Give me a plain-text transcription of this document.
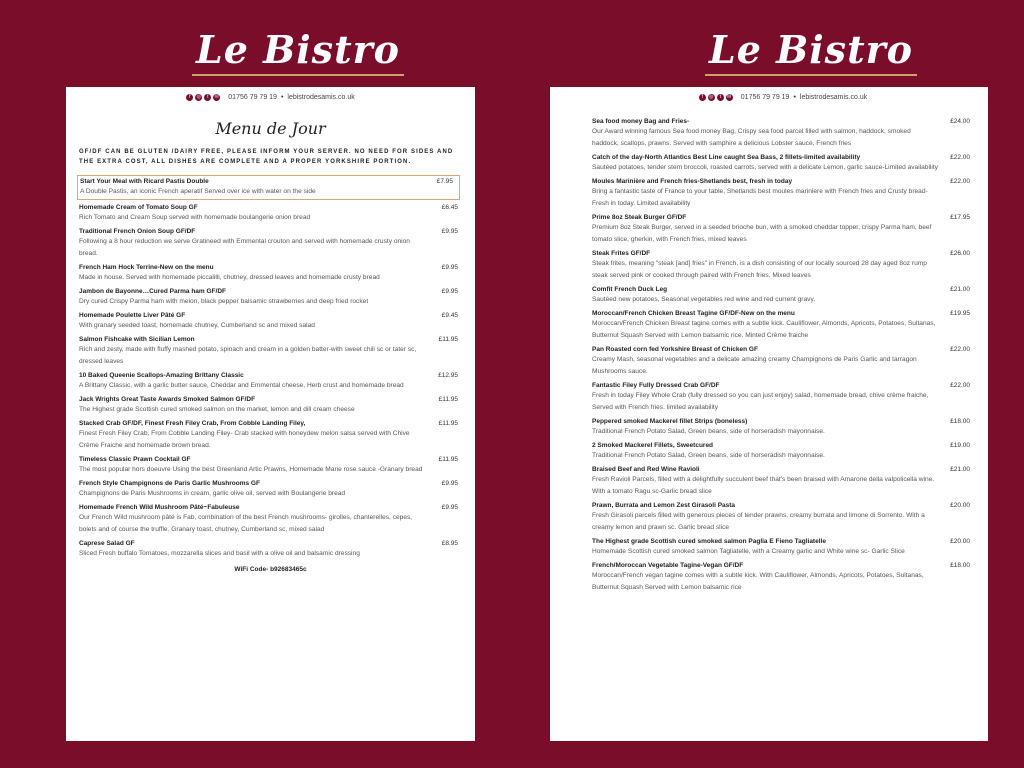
Le Bistro	Le Bistro
f	◎	t	✉ 01756 79 79 19 • lebistrodesamis.co.uk
Menu de Jour
GF/DF CAN BE GLUTEN /DAIRY FREE, PLEASE INFORM YOUR SERVER. NO NEED FOR SIDES AND THE EXTRA COST, ALL DISHES ARE COMPLETE AND A PROPER YORKSHIRE PORTION.
Start Your Meal with Ricard Pastis Double	£7.95
A Double Pastis, an iconic French aperatif Served over ice with water on the side
Homemade Cream of Tomato Soup GF	£6.45
Rich Tomato and Cream Soup served with homemade boulangerie onion bread
Traditional French Onion Soup GF/DF	£9.95
Following a 8 hour reduction we serve Gratineed with Emmental crouton and served with homemade crusty onion bread.
French Ham Hock Terrine-New on the menu	£9.95
Made in house. Served with homemade piccalilli, chutney, dressed leaves and homemade crusty bread
Jambon de Bayonne…Cured Parma ham GF/DF	£9.95
Dry cured Crispy Parma ham with melon, black pepper balsamic strawberries and deep fried rocket
Homemade Poulette Liver Pâté GF	£9.45
With granary seeded toast, homemade chutney, Cumberland sc and mixed salad
Salmon Fishcake with Sicilian Lemon	£11.95
Rich and zesty, made with fluffy mashed potato, spinach and cream in a golden batter-with sweet chili sc or tater sc, dressed leaves
10 Baked Queenie Scallops-Amazing Brittany Classic	£12.95
A Brittany Classic, with a garlic butter sauce, Cheddar and Emmental cheese, Herb crust and homemade bread
Jack Wrights Great Taste Awards Smoked Salmon GF/DF	£11.95
The Highest grade Scottish cured smoked salmon on the market, lemon and dill cream cheese
Stacked Crab GF/DF, Finest Fresh Filey Crab, From Cobble Landing Filey,	£11.95
Finest Fresh Filey Crab, From Cobble Landing Filey- Crab stacked with honeydew melon salsa served with Chive Crème Fraiche and homemade brown bread.
Timeless Classic Prawn Cocktail GF	£11.95
The most popular hors doeuvre Using the best Greenland Artic Prawns, Homemade Marie rose sauce -Granary bread
French Style Champignons de Paris Garlic Mushrooms GF	£9.95
Champignons de Paris Mushrooms in cream, garlic olive oil, served with Boulangerie bread
Homemade French Wild Mushroom Pâté~Fabuleuse	£9.95
Our French Wild mushroom pâté is Fab, combination of the best French mushrooms- girolles, chanterelles, cepes, bolets and of course the truffle. Granary toast, chutney, Cumberland sc, mixed salad
Caprese Salad GF	£8.95
Sliced Fresh buffalo Tomatoes, mozzarella slices and basil with a olive oil and balsamic dressing
WiFi Code- b92683465c
f	◎	t	✉ 01756 79 79 19 • lebistrodesamis.co.uk
Sea food money Bag and Fries-	£24.00
Our Award winning famous Sea food money Bag, Crispy sea food parcel filled with salmon, haddock, smoked haddock, scallops, prawns. Served with samphire a delicious Lobster sauce, French fries
Catch of the day-North Atlantics Best Line caught Sea Bass, 2 fillets-limited availability	£22.00
Sautéed potatoes, tender stem broccoli, roasted carrots, served with a delicate Lemon, garlic sauce-Limited availability
Moules Marinière and French fries-Shetlands best, fresh in today	£22.00
Bring a fantastic taste of France to your table, Shetlands best moules mariniere with French fries and Crusty bread-Fresh in today. Limited availability
Prime 8oz Steak Burger GF/DF	£17.95
Premium 8oz Steak Burger, served in a seeded brioche bun, with a smoked cheddar topper, crispy Parma ham, beef tomato slice, gherkin, with French fries, mixed leaves
Steak Frites GF/DF	£26.00
Steak frites, meaning "steak [and] fries" in French, is a dish consisting of our locally sourced 28 day aged 8oz rump steak served pink or cooked through paired with French fries. Mixed leaves
Comfit French Duck Leg	£21.00
Sautéed new potatoes, Seasonal vegetables red wine and red current gravy.
Moroccan/French Chicken Breast Tagine GF/DF-New on the menu	£19.95
Moroccan/French Chicken Breast tagine comes with a subtle kick. Cauliflower, Almonds, Apricots, Potatoes, Sultanas, Butternut Squash Served with Lemon balsamic rice. Minted Crème fraiche
Pan Roasted corn fed Yorkshire Breast of Chicken GF	£22.00
Creamy Mash, seasonal vegetables and a delicate amazing creamy Champignons de Paris Garlic and tarragon Mushrooms sauce.
Fantastic Filey Fully Dressed Crab GF/DF	£22.00
Fresh in today Filey Whole Crab (fully dressed so you can just enjoy) salad, homemade bread, chive crème fraiche, Served with French fries. limited availability
Peppered smoked Mackerel fillet Strips (boneless)	£18.00
Traditional French Potato Salad, Green beans, side of horseradish mayonnaise.
2 Smoked Mackerel Fillets, Sweetcured	£19.00
Traditional French Potato Salad, Green beans, side of horseradish mayonnaise.
Braised Beef and Red Wine Ravioli	£21.00
Fresh Ravioli Parcels, filled with a delightfully succulent beef that's been braised with Amarone della valpolicella wine. With a tomato Ragu sc-Garlic bread slice
Prawn, Burrata and Lemon Zest Girasoli Pasta	£20.00
Fresh Girasoli parcels filled with generous pieces of tender prawns, creamy burrata and limone di Sorrento. With a creamy lemon and prawn sc. Garlic bread slice
The Highest grade Scottish cured smoked salmon Paglia E Fieno Tagliatelle	£20.00
Homemade Scottish cured smoked salmon Tagliatelle, with a Creamy garlic and White wine sc- Garlic Slice
French/Moroccan Vegetable Tagine-Vegan GF/DF	£18.00
Moroccan/French vegan tagine comes with a subtle kick. With Cauliflower, Almonds, Apricots, Potatoes, Sultanas, Butternut Squash Served with Lemon balsamic rice
